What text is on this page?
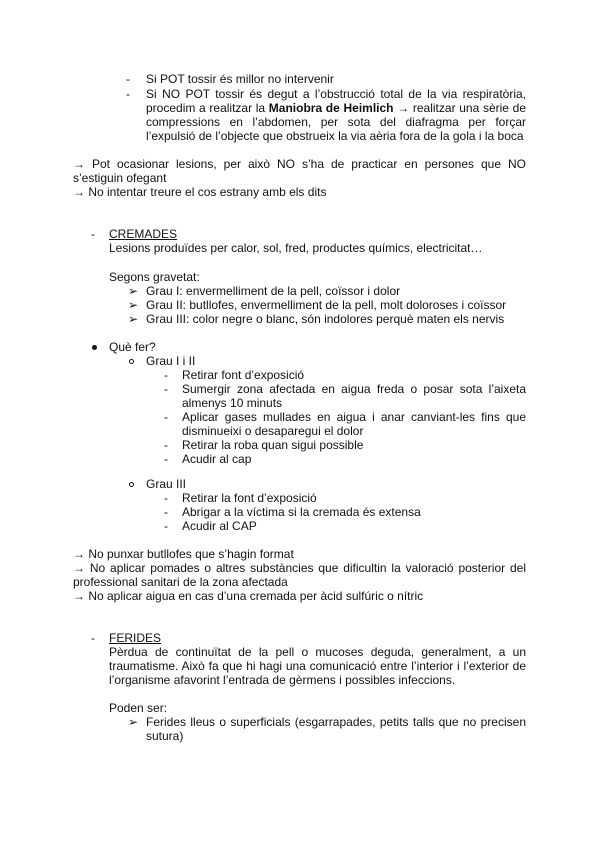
- Si POT tossir és millor no intervenir
- Si NO POT tossir és degut a l’obstrucció total de la via respiratòria,
procedim a realitzar la Maniobra de Heimlich → realitzar una sèrie de
compressions en l’abdomen, per sota del diafragma per forçar
l’expulsió de l’objecte que obstrueix la via aèria fora de la gola i la boca
→ Pot ocasionar lesions, per això NO s’ha de practicar en persones que NO
s’estiguin ofegant
→ No intentar treure el cos estrany amb els dits
- CREMADES
Lesions produïdes per calor, sol, fred, productes químics, electricitat…
Segons gravetat:
➢ Grau I: envermelliment de la pell, coïssor i dolor
➢ Grau II: butllofes, envermelliment de la pell, molt doloroses i coïssor
➢ Grau III: color negre o blanc, són indolores perquè maten els nervis
Què fer?
Grau I i II
- Retirar font d’exposició
- Sumergir zona afectada en aigua freda o posar sota l’aixeta
almenys 10 minuts
- Aplicar gases mullades en aigua i anar canviant-les fins que
disminueixi o desaparegui el dolor
- Retirar la roba quan sigui possible
- Acudir al cap
Grau III
- Retirar la font d’exposició
- Abrigar a la víctima si la cremada és extensa
- Acudir al CAP
→ No punxar butllofes que s’hagin format
→ No aplicar pomades o altres substàncies que dificultin la valoració posterior del
professional sanitari de la zona afectada
→ No aplicar aigua en cas d’una cremada per àcid sulfúric o nítric
- FERIDES
Pèrdua de continuïtat de la pell o mucoses deguda, generalment, a un
traumatisme. Això fa que hi hagi una comunicació entre l’interior i l’exterior de
l’organisme afavorint l’entrada de gèrmens i possibles infeccions.
Poden ser:
➢ Ferides lleus o superficials (esgarrapades, petits talls que no precisen
sutura)
